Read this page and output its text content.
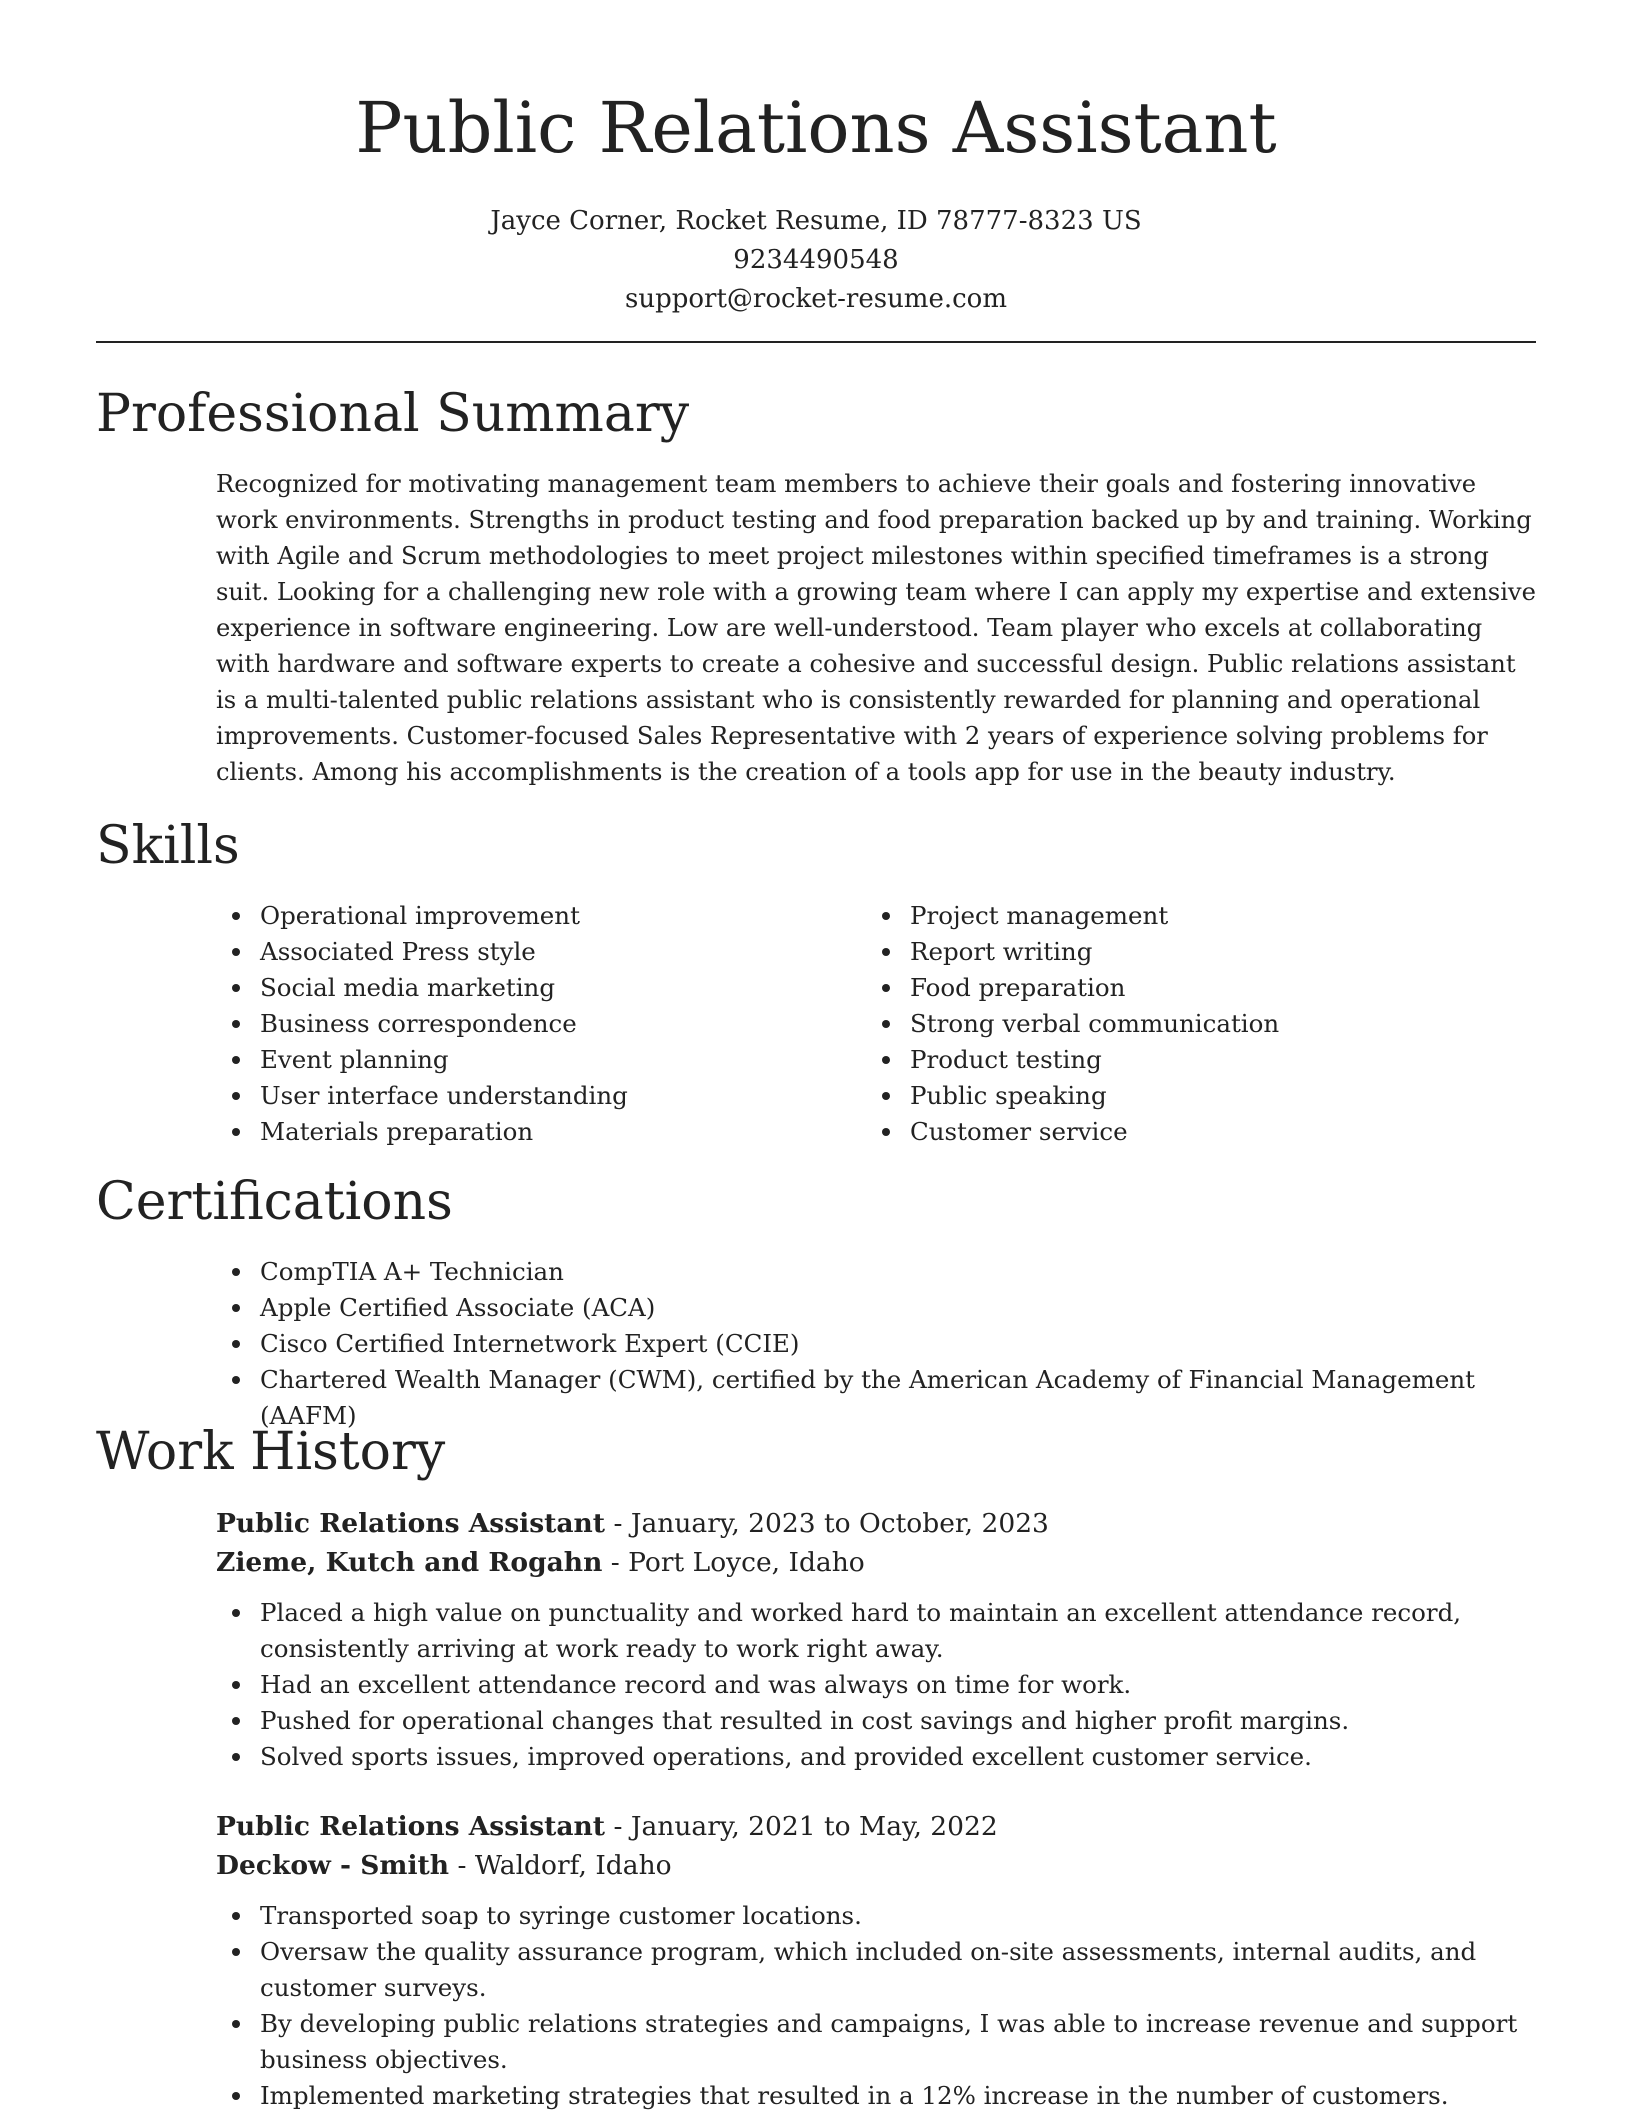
Public Relations Assistant
Jayce Corner, Rocket Resume, ID 78777-8323 US
9234490548
support@rocket-resume.com
Professional Summary

Recognized for motivating management team members to achieve their goals and fostering innovative work environments. Strengths in product testing and food preparation backed up by and training. Working with Agile and Scrum methodologies to meet project milestones within specified timeframes is a strong suit. Looking for a challenging new role with a growing team where I can apply my expertise and extensive experience in software engineering. Low are well-understood. Team player who excels at collaborating with hardware and software experts to create a cohesive and successful design. Public relations assistant is a multi-talented public relations assistant who is consistently rewarded for planning and operational improvements. Customer-focused Sales Representative with 2 years of experience solving problems for clients. Among his accomplishments is the creation of a tools app for use in the beauty industry.

Skills
Operational improvement
Associated Press style
Social media marketing
Business correspondence
Event planning
User interface understanding
Materials preparation
Project management
Report writing
Food preparation
Strong verbal communication
Product testing
Public speaking
Customer service
Certifications
CompTIA A+ Technician
Apple Certified Associate (ACA)
Cisco Certified Internetwork Expert (CCIE)
Chartered Wealth Manager (CWM), certified by the American Academy of Financial Management (AAFM)
Work History
Public Relations Assistant - January, 2023 to October, 2023
Zieme, Kutch and Rogahn - Port Loyce, Idaho
Placed a high value on punctuality and worked hard to maintain an excellent attendance record, consistently arriving at work ready to work right away.
Had an excellent attendance record and was always on time for work.
Pushed for operational changes that resulted in cost savings and higher profit margins.
Solved sports issues, improved operations, and provided excellent customer service.
Public Relations Assistant - January, 2021 to May, 2022
Deckow - Smith - Waldorf, Idaho
Transported soap to syringe customer locations.
Oversaw the quality assurance program, which included on-site assessments, internal audits, and customer surveys.
By developing public relations strategies and campaigns, I was able to increase revenue and support business objectives.
Implemented marketing strategies that resulted in a 12% increase in the number of customers.
